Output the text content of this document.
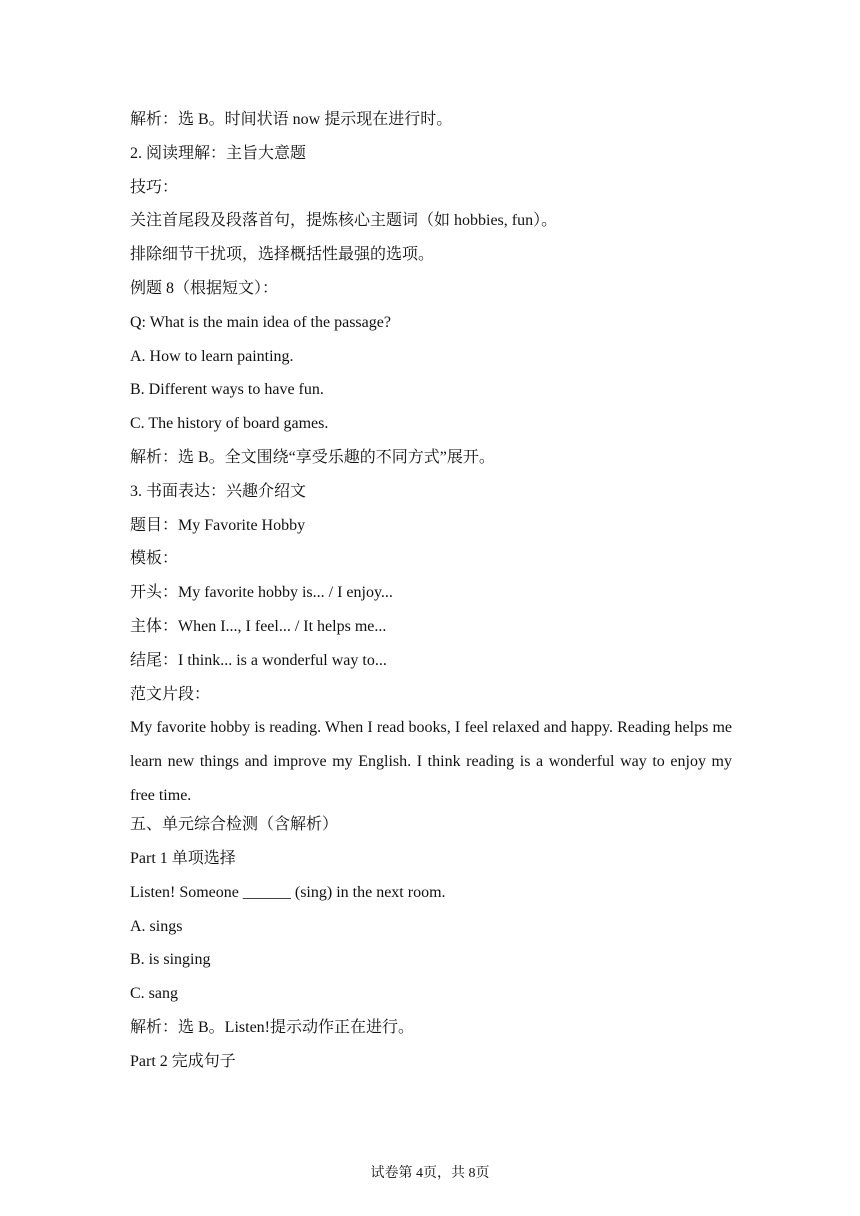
解析：选 B。时间状语 now 提示现在进行时。
2. 阅读理解：主旨大意题
技巧：
关注首尾段及段落首句，提炼核心主题词（如 hobbies, fun）。
排除细节干扰项，选择概括性最强的选项。
例题 8（根据短文）：
Q: What is the main idea of the passage?
A. How to learn painting.
B. Different ways to have fun.
C. The history of board games.
解析：选 B。全文围绕“享受乐趣的不同方式”展开。
3. 书面表达：兴趣介绍文
题目：My Favorite Hobby
模板：
开头：My favorite hobby is... / I enjoy...
主体：When I..., I feel... / It helps me...
结尾：I think... is a wonderful way to...
范文片段：
My favorite hobby is reading. When I read books, I feel relaxed and happy. Reading helps me learn new things and improve my English. I think reading is a wonderful way to enjoy my free time.
五、单元综合检测（含解析）
Part 1 单项选择
Listen! Someone ______ (sing) in the next room.
A. sings
B. is singing
C. sang
解析：选 B。Listen!提示动作正在进行。
Part 2 完成句子
试卷第 4页，共 8页
